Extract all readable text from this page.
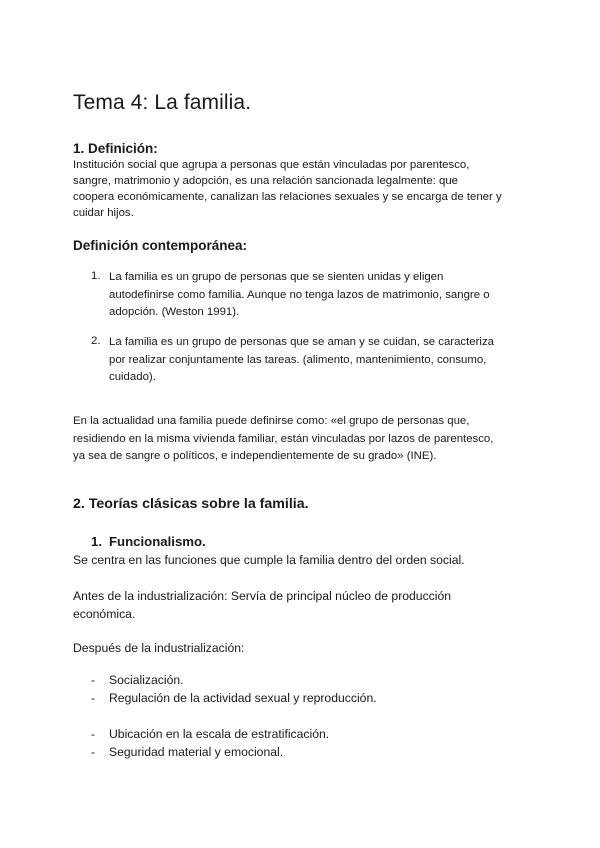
Tema 4: La familia.
1. Definición:
Institución social que agrupa a personas que están vinculadas por parentesco,
sangre, matrimonio y adopción, es una relación sancionada legalmente: que
coopera económicamente, canalizan las relaciones sexuales y se encarga de tener y
cuidar hijos.
Definición contemporánea:
1. La familia es un grupo de personas que se sienten unidas y eligen
autodefinirse como familia. Aunque no tenga lazos de matrimonio, sangre o
adopción. (Weston 1991).
2. La familia es un grupo de personas que se aman y se cuidan, se caracteriza
por realizar conjuntamente las tareas. (alimento, mantenimiento, consumo,
cuidado).
En la actualidad una familia puede definirse como: «el grupo de personas que,
residiendo en la misma vivienda familiar, están vinculadas por lazos de parentesco,
ya sea de sangre o políticos, e independientemente de su grado» (INE).
2. Teorías clásicas sobre la familia.
1. Funcionalismo.
Se centra en las funciones que cumple la familia dentro del orden social.
Antes de la industrialización: Servía de principal núcleo de producción
económica.
Después de la industrialización:
- Socialización.
- Regulación de la actividad sexual y reproducción.
- Ubicación en la escala de estratificación.
- Seguridad material y emocional.
